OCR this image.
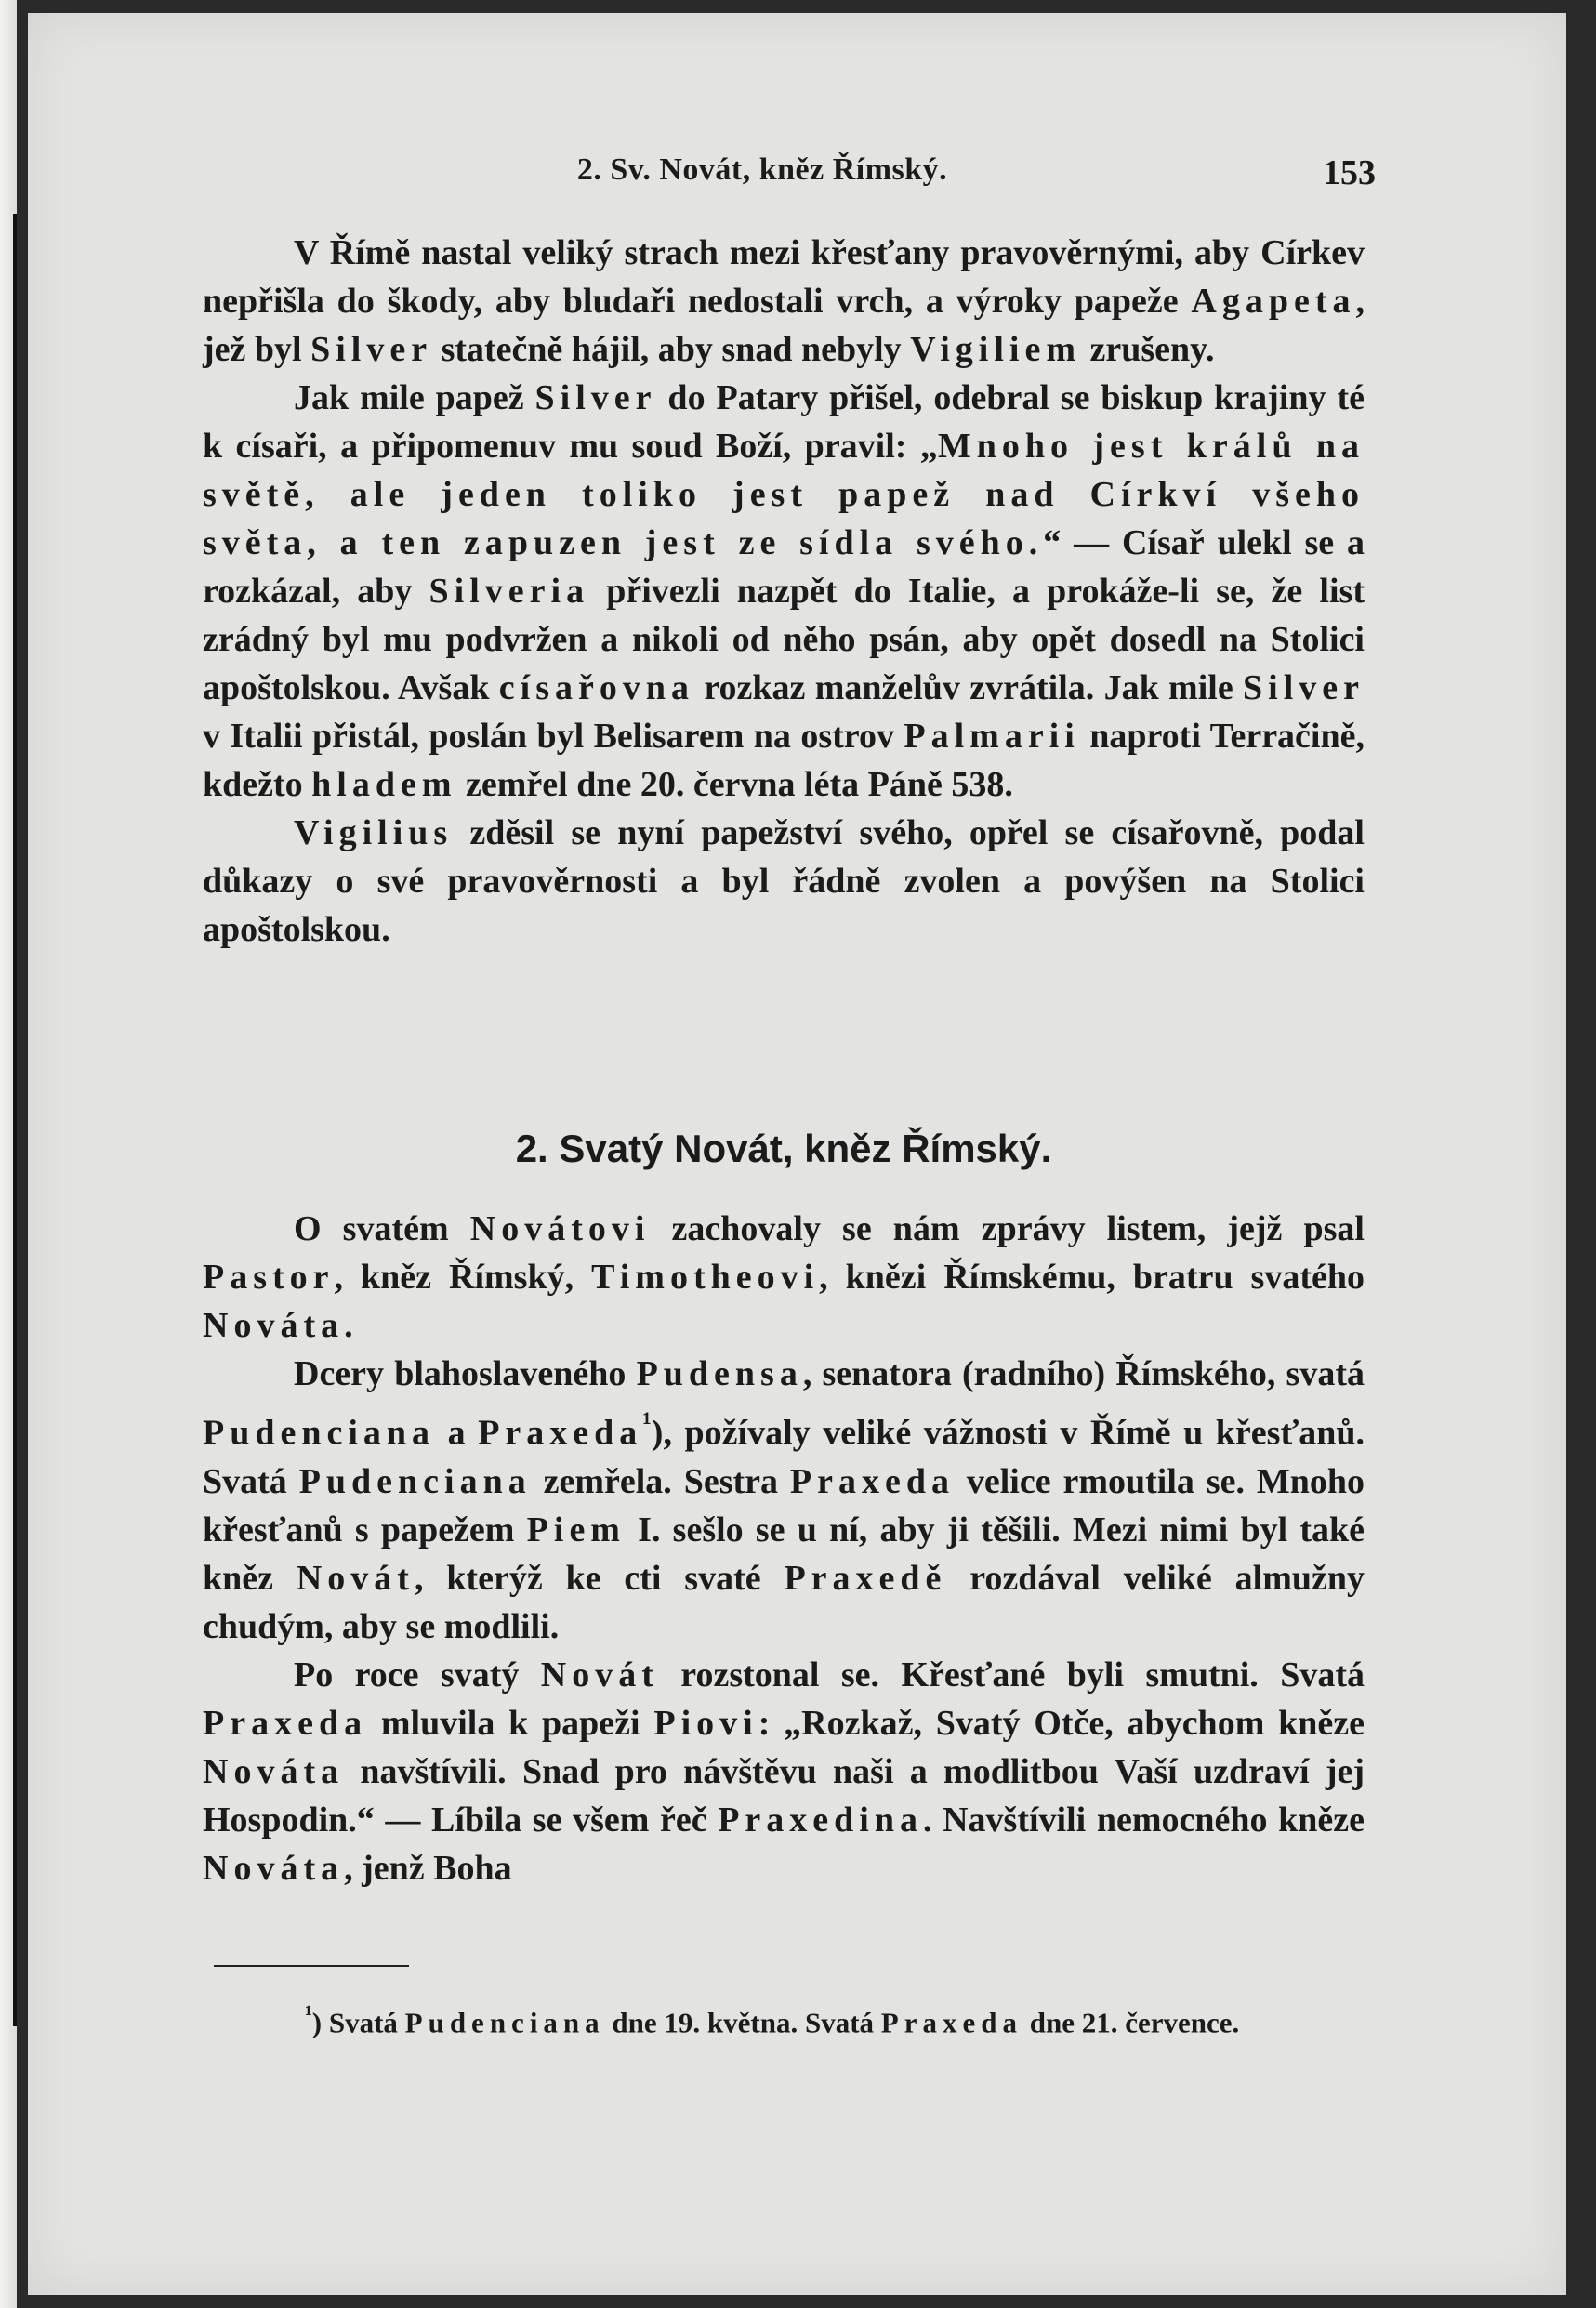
2. Sv. Novát, kněz Římský.	153

V Římě nastal veliký strach mezi křesťany pravověrnými, aby Církev nepřišla do škody, aby bludaři nedostali vrch, a výroky papeže Agapeta, jež byl Silver statečně hájil, aby snad nebyly Vigiliem zrušeny.

Jak mile papež Silver do Patary přišel, odebral se biskup krajiny té k císaři, a připomenuv mu soud Boží, pravil: „Mnoho jest králů na světě, ale jeden toliko jest papež nad Církví všeho světa, a ten zapuzen jest ze sídla svého.“ — Císař ulekl se a rozkázal, aby Silveria přivezli nazpět do Italie, a prokáže-li se, že list zrádný byl mu podvržen a nikoli od něho psán, aby opět dosedl na Stolici apoštolskou. Avšak císařovna rozkaz manželův zvrátila. Jak mile Silver v Italii přistál, poslán byl Belisarem na ostrov Palmarii naproti Terračině, kdežto hladem zemřel dne 20. června léta Páně 538.

Vigilius zděsil se nyní papežství svého, opřel se císařovně, podal důkazy o své pravověrnosti a byl řádně zvolen a povýšen na Stolici apoštolskou.

2. Svatý Novát, kněz Římský.

O svatém Novátovi zachovaly se nám zprávy listem, jejž psal Pastor, kněz Římský, Timotheovi, knězi Římskému, bratru svatého Nováta.

Dcery blahoslaveného Pudensa, senatora (radního) Římského, svatá Pudenciana a Praxeda$^{^1}$), požívaly veliké vážnosti v Římě u křesťanů. Svatá Pudenciana zemřela. Sestra Praxeda velice rmoutila se. Mnoho křesťanů s papežem Piem I. sešlo se u ní, aby ji těšili. Mezi nimi byl také kněz Novát, kterýž ke cti svaté Praxedě rozdával veliké almužny chudým, aby se modlili.

Po roce svatý Novát rozstonal se. Křesťané byli smutni. Svatá Praxeda mluvila k papeži Piovi: „Rozkaž, Svatý Otče, abychom kněze Nováta navštívili. Snad pro návštěvu naši a modlitbou Vaší uzdraví jej Hospodin.“ — Líbila se všem řeč Praxedina. Navštívili nemocného kněze Nováta, jenž Boha

$^{^1}$) Svatá Pudenciana dne 19. května. Svatá Praxeda dne 21. července.
